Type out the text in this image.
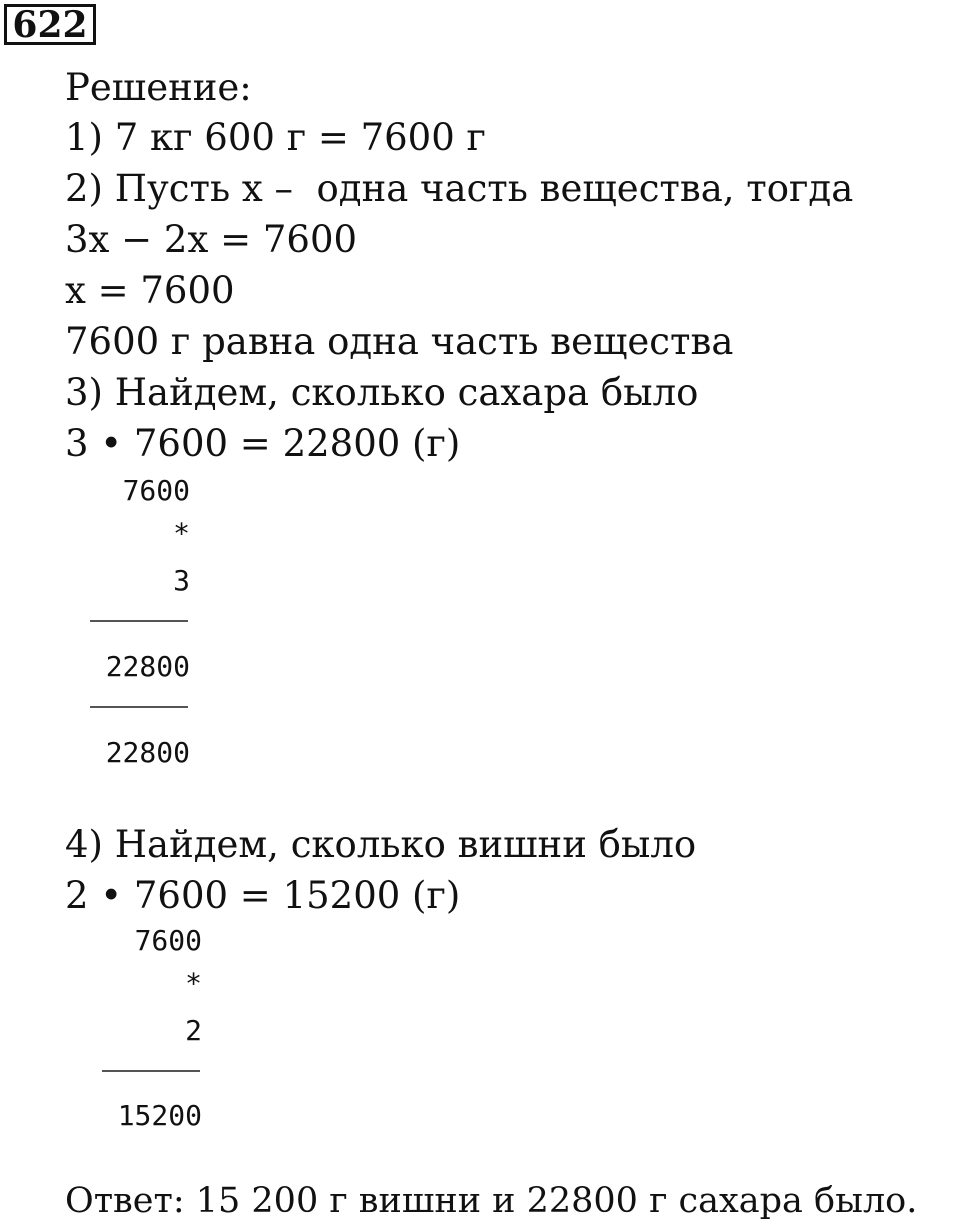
622
Решение:
1) 7 кг 600 г = 7600 г
2) Пусть x –  одна часть вещества, тогда
3x − 2x = 7600
x = 7600
7600 г равна одна часть вещества
3) Найдем, сколько сахара было
3 • 7600 = 22800 (г)
7600
*
3
22800
22800
4) Найдем, сколько вишни было
2 • 7600 = 15200 (г)
7600
*
2
15200
Ответ: 15 200 г вишни и 22800 г сахара было.
